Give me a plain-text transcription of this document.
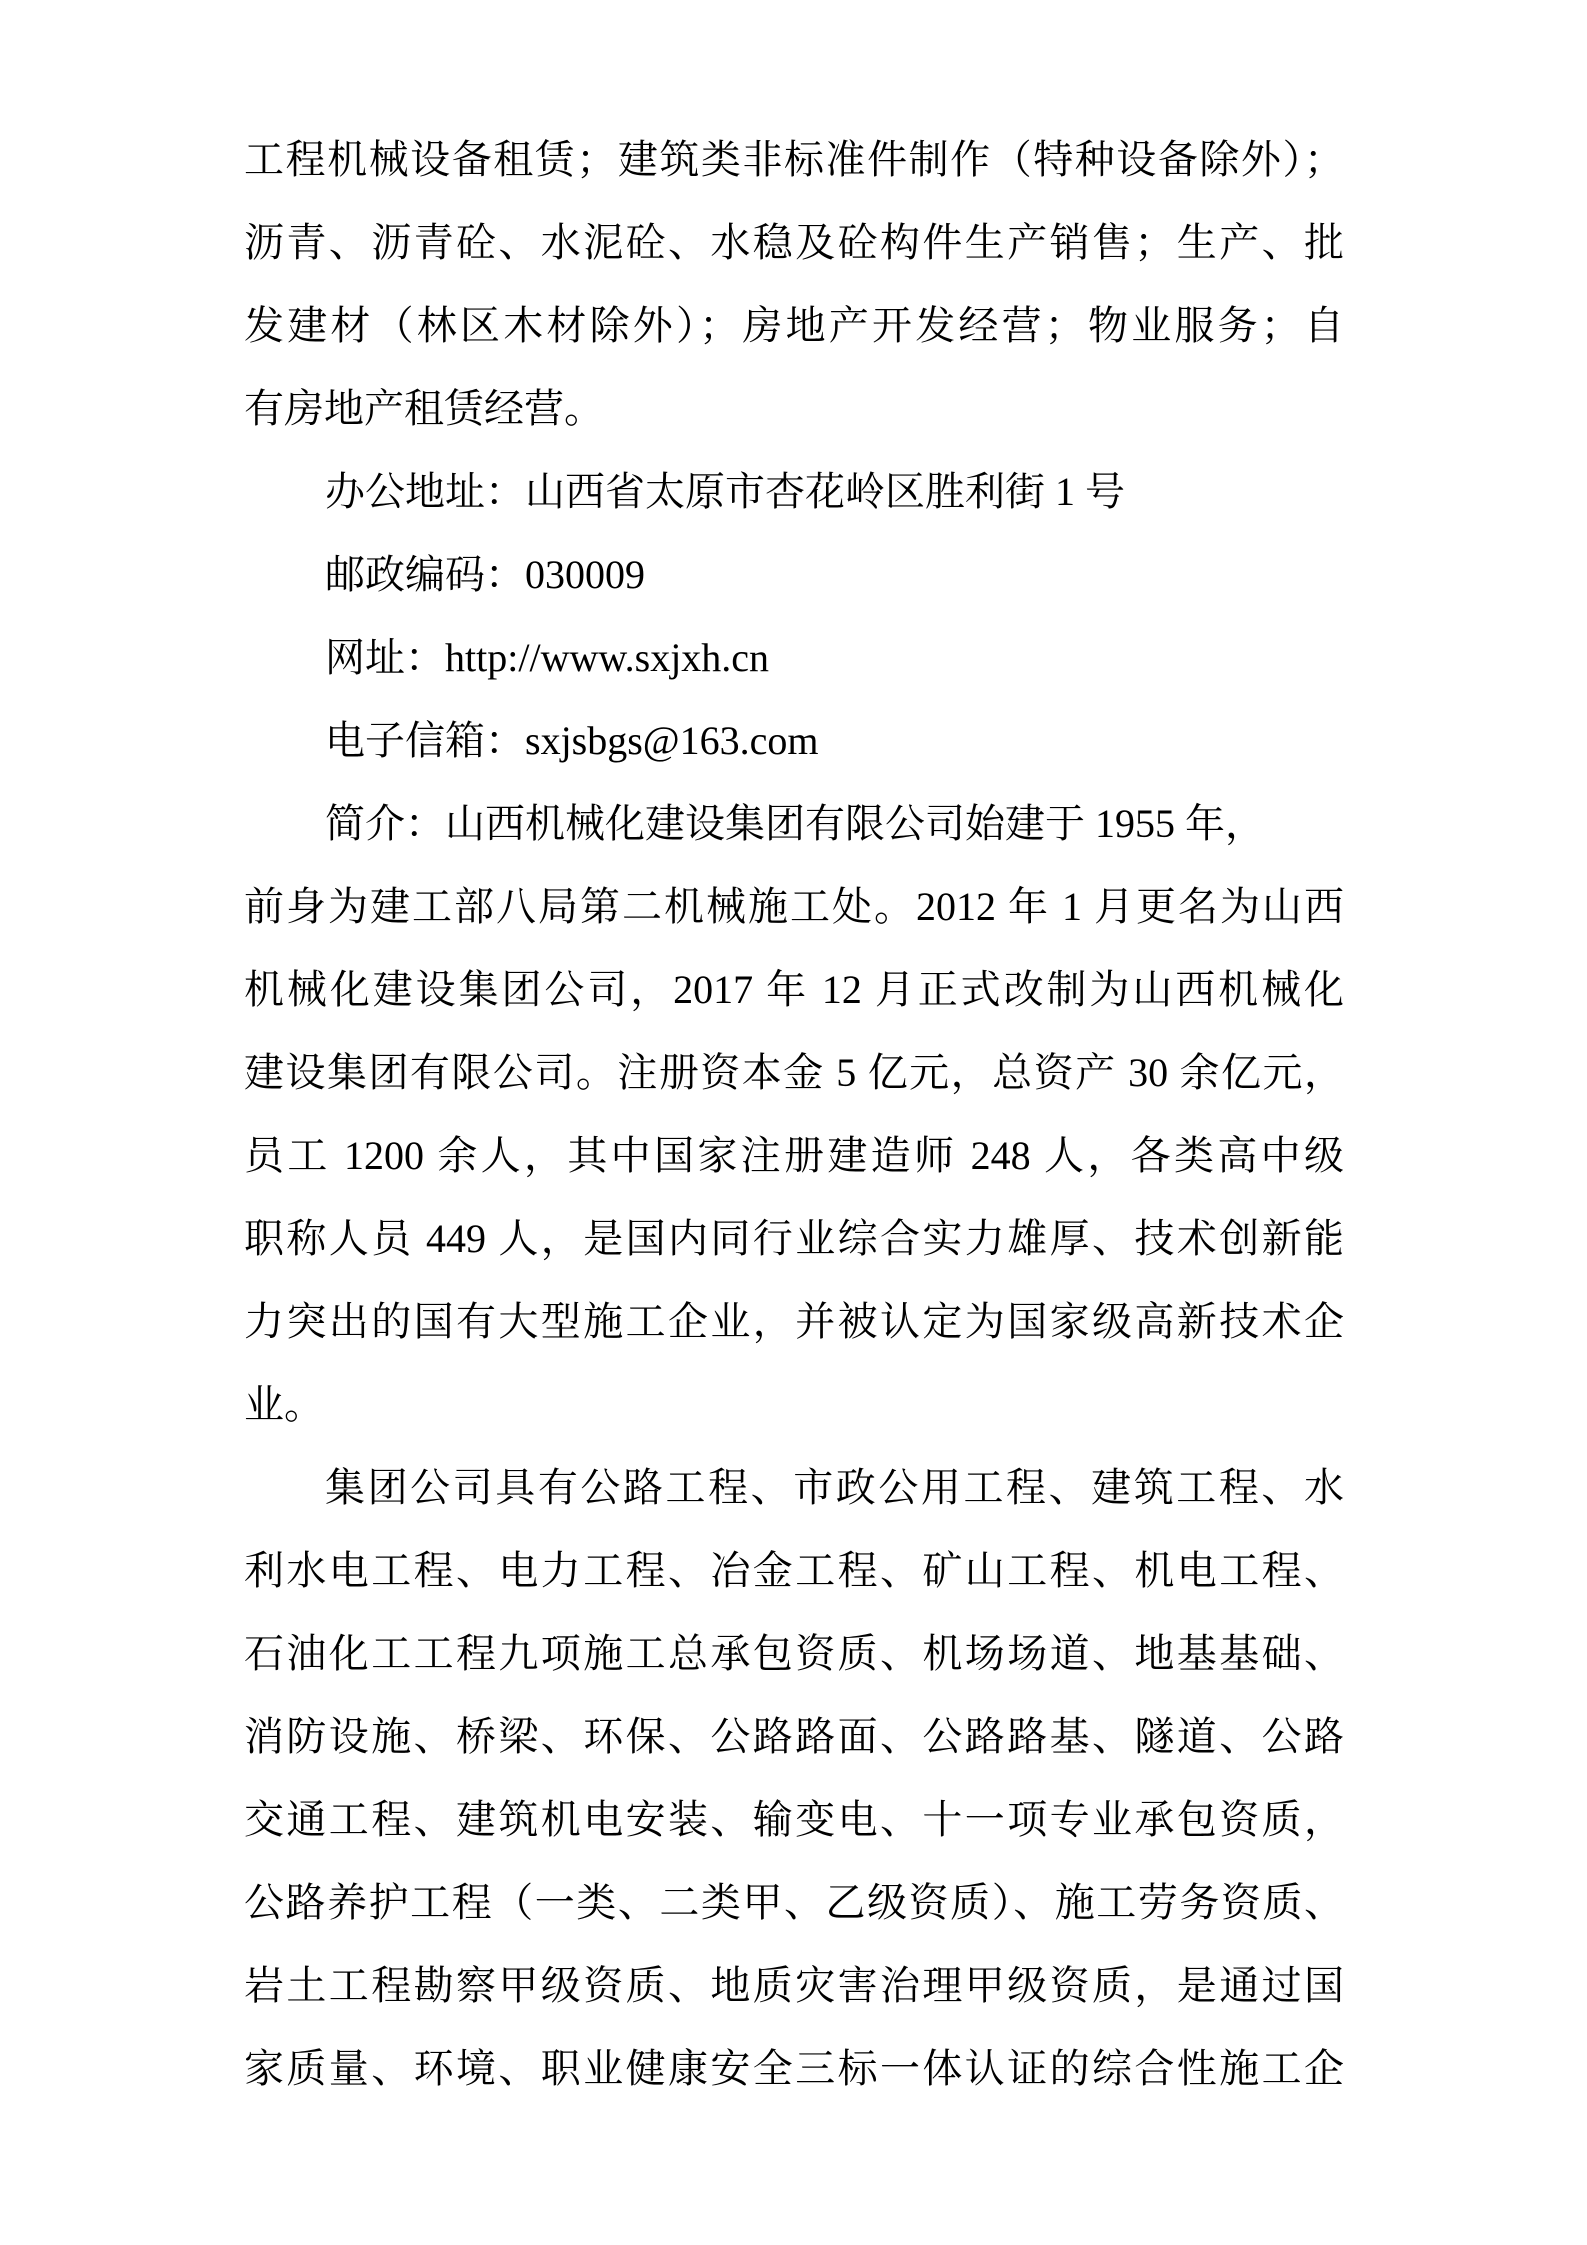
工程机械设备租赁；建筑类非标准件制作（特种设备除外）；
沥青、沥青砼、水泥砼、水稳及砼构件生产销售；生产、批
发建材（林区木材除外）；房地产开发经营；物业服务；自
有房地产租赁经营。
办公地址：山西省太原市杏花岭区胜利街 1 号
邮政编码：030009
网址：http://www.sxjxh.cn
电子信箱：sxjsbgs@163.com
简介：山西机械化建设集团有限公司始建于 1955 年，
前身为建工部八局第二机械施工处。2012 年 1 月更名为山西
机械化建设集团公司，2017 年 12 月正式改制为山西机械化
建设集团有限公司。注册资本金 5 亿元，总资产 30 余亿元，
员工 1200 余人，其中国家注册建造师 248 人，各类高中级
职称人员 449 人，是国内同行业综合实力雄厚、技术创新能
力突出的国有大型施工企业，并被认定为国家级高新技术企
业。
集团公司具有公路工程、市政公用工程、建筑工程、水
利水电工程、电力工程、冶金工程、矿山工程、机电工程、
石油化工工程九项施工总承包资质、机场场道、地基基础、
消防设施、桥梁、环保、公路路面、公路路基、隧道、公路
交通工程、建筑机电安装、输变电、十一项专业承包资质，
公路养护工程（一类、二类甲、乙级资质）、施工劳务资质、
岩土工程勘察甲级资质、地质灾害治理甲级资质，是通过国
家质量、环境、职业健康安全三标一体认证的综合性施工企
